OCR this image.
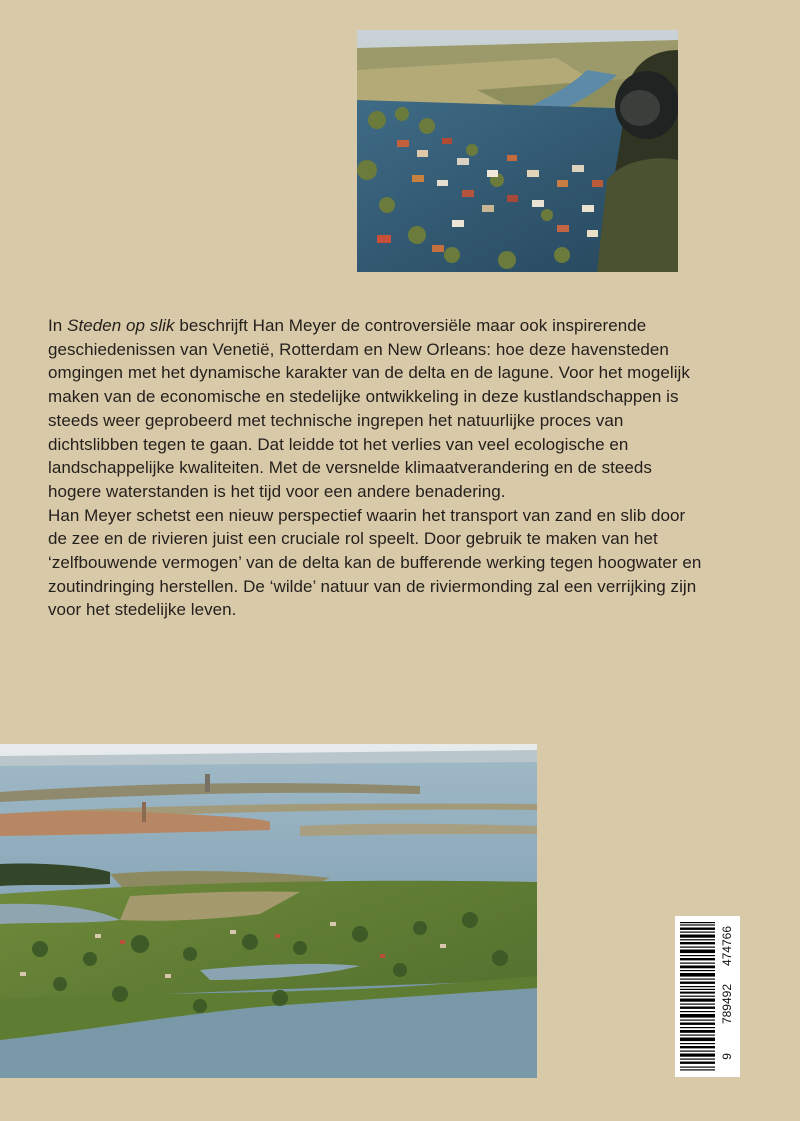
In Steden op slik beschrijft Han Meyer de controversiële maar ook inspirerende geschiedenissen van Venetië, Rotterdam en New Orleans: hoe deze havensteden omgingen met het dynamische karakter van de delta en de lagune. Voor het mogelijk maken van de economische en stedelijke ontwikkeling in deze kustlandschappen is steeds weer geprobeerd met technische ingrepen het natuurlijke proces van dichtslibben tegen te gaan. Dat leidde tot het verlies van veel ecologische en landschappelijke kwaliteiten. Met de versnelde klimaatverandering en de steeds hogere waterstanden is het tijd voor een andere benadering.

Han Meyer schetst een nieuw perspectief waarin het transport van zand en slib door de zee en de rivieren juist een cruciale rol speelt. Door gebruik te maken van het ‘zelfbouwende vermogen’ van de delta kan de bufferende werking tegen hoogwater en zoutindringing herstellen. De ‘wilde’ natuur van de riviermonding zal een verrijking zijn voor het stedelijke leven.

9
789492
474766
